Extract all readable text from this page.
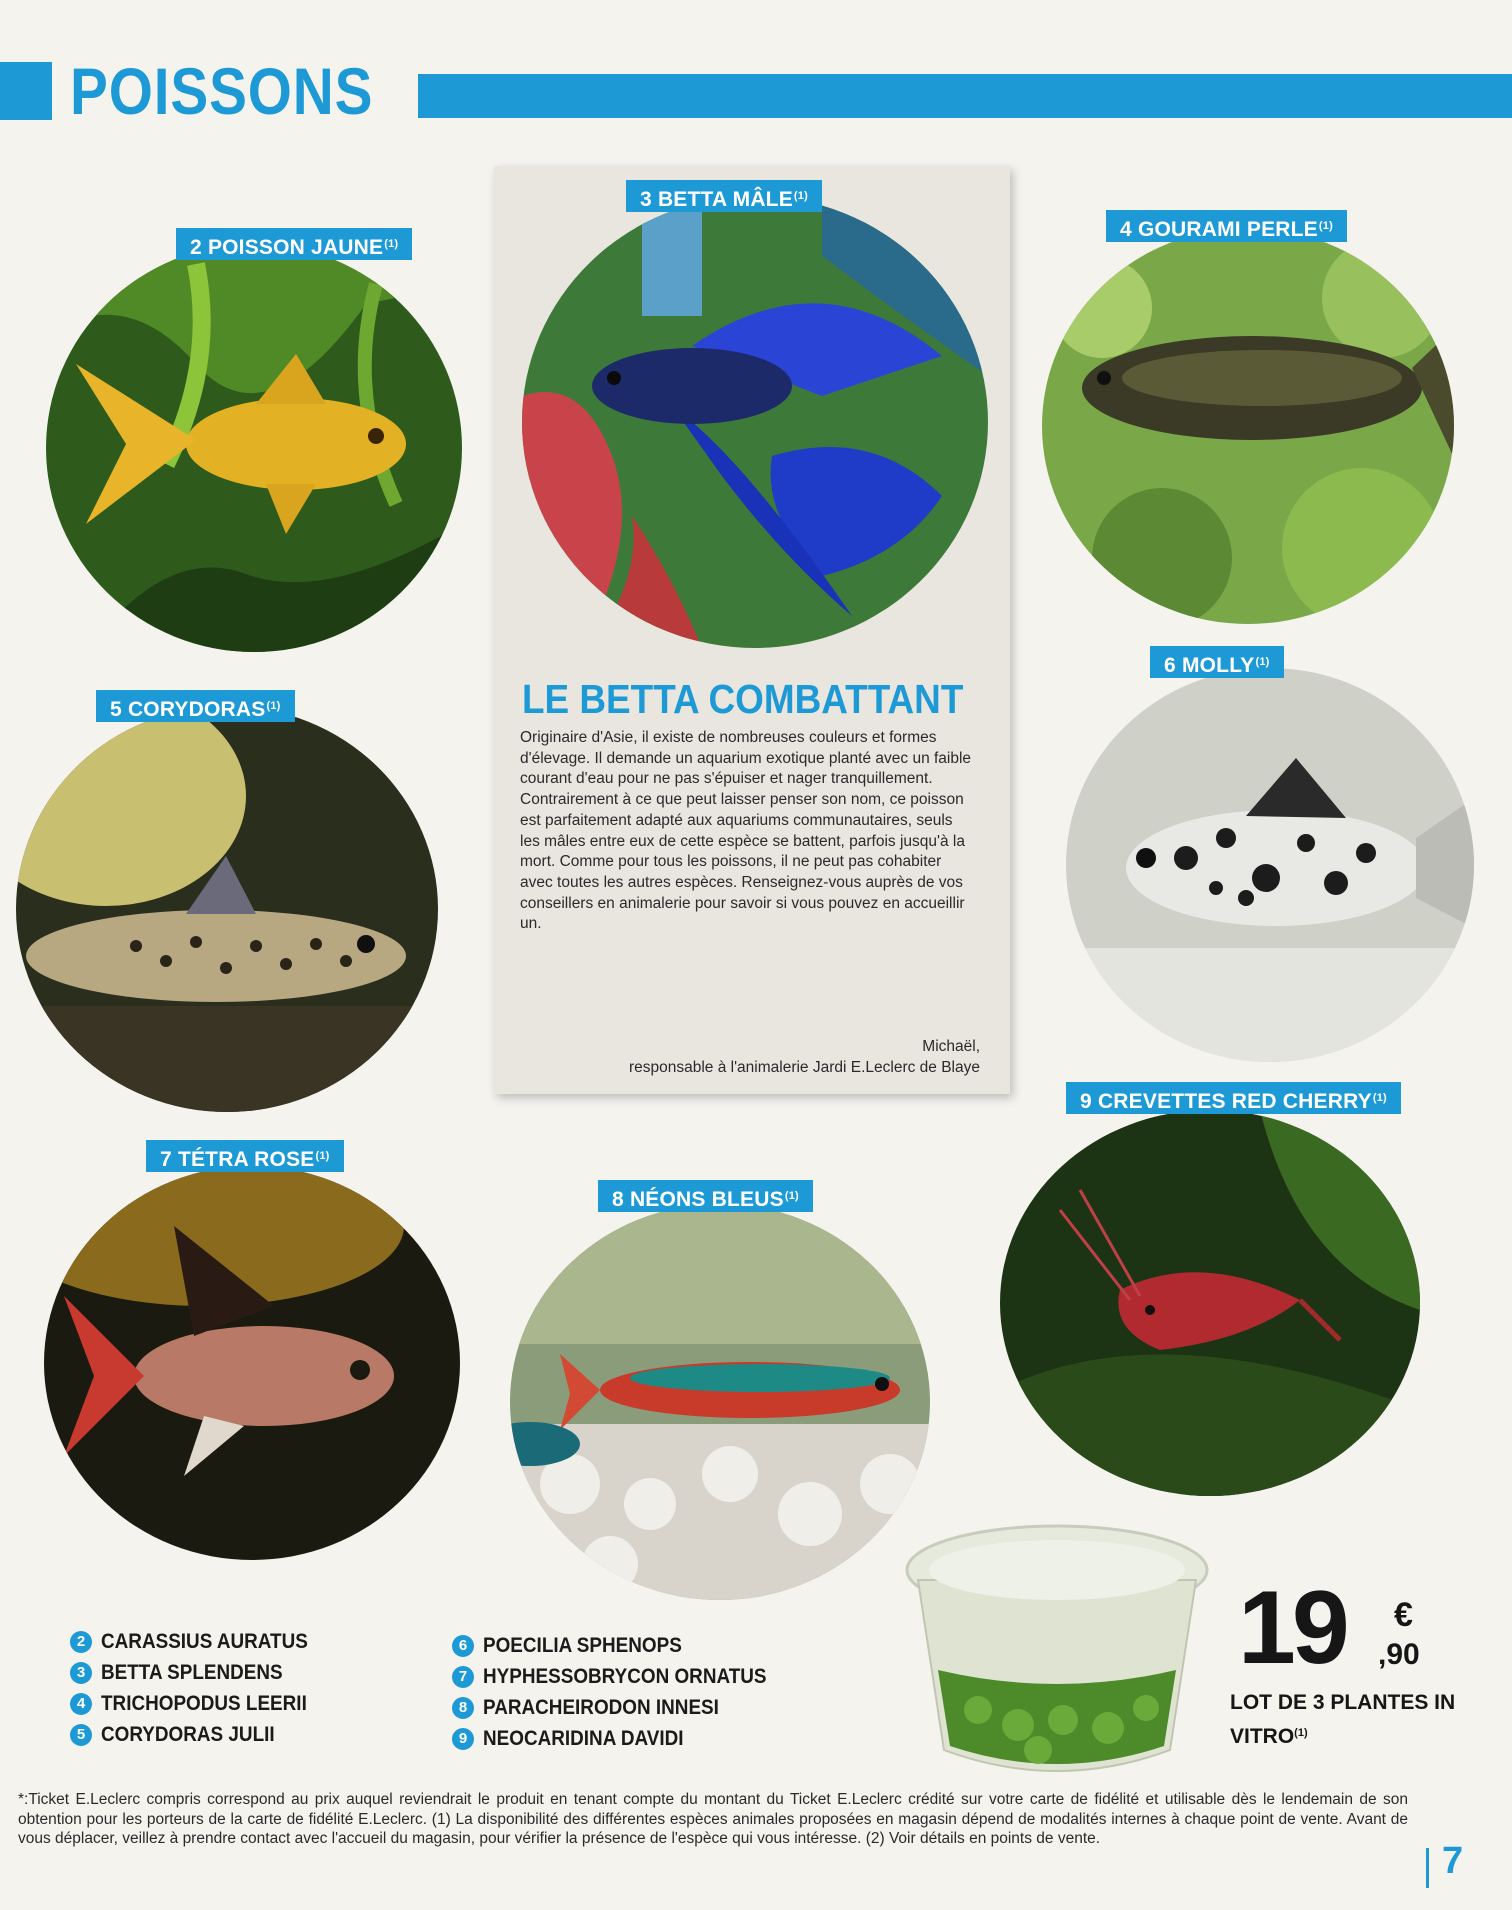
POISSONS
2 POISSON JAUNE$^{(1)}$
3 BETTA MÂLE$^{(1)}$
4 GOURAMI PERLE$^{(1)}$
5 CORYDORAS$^{(1)}$
6 MOLLY$^{(1)}$
7 TÉTRA ROSE$^{(1)}$
8 NÉONS BLEUS$^{(1)}$
9 CREVETTES RED CHERRY$^{(1)}$
LE BETTA COMBATTANT

Originaire d'Asie, il existe de nombreuses couleurs et formes d'élevage. Il demande un aquarium exotique planté avec un faible courant d'eau pour ne pas s'épuiser et nager tranquillement.

Contrairement à ce que peut laisser penser son nom, ce poisson est parfaitement adapté aux aquariums communautaires, seuls les mâles entre eux de cette espèce se battent, parfois jusqu'à la mort. Comme pour tous les poissons, il ne peut pas cohabiter avec toutes les autres espèces. Renseignez-vous auprès de vos conseillers en animalerie pour savoir si vous pouvez en accueillir un.

Michaël,
responsable à l'animalerie Jardi E.Leclerc de Blaye
2 CARASSIUS AURATUS
3 BETTA SPLENDENS
4 TRICHOPODUS LEERII
5 CORYDORAS JULII
6 POECILIA SPHENOPS
7 HYPHESSOBRYCON ORNATUS
8 PARACHEIRODON INNESI
9 NEOCARIDINA DAVIDI
19 €
,90
LOT DE 3 PLANTES IN VITRO$^{(1)}$
*:Ticket E.Leclerc compris correspond au prix auquel reviendrait le produit en tenant compte du montant du Ticket E.Leclerc crédité sur votre carte de fidélité et utilisable dès le lendemain de son obtention pour les porteurs de la carte de fidélité E.Leclerc. (1) La disponibilité des différentes espèces animales proposées en magasin dépend de modalités internes à chaque point de vente. Avant de vous déplacer, veillez à prendre contact avec l'accueil du magasin, pour vérifier la présence de l'espèce qui vous intéresse. (2) Voir détails en points de vente.
7
